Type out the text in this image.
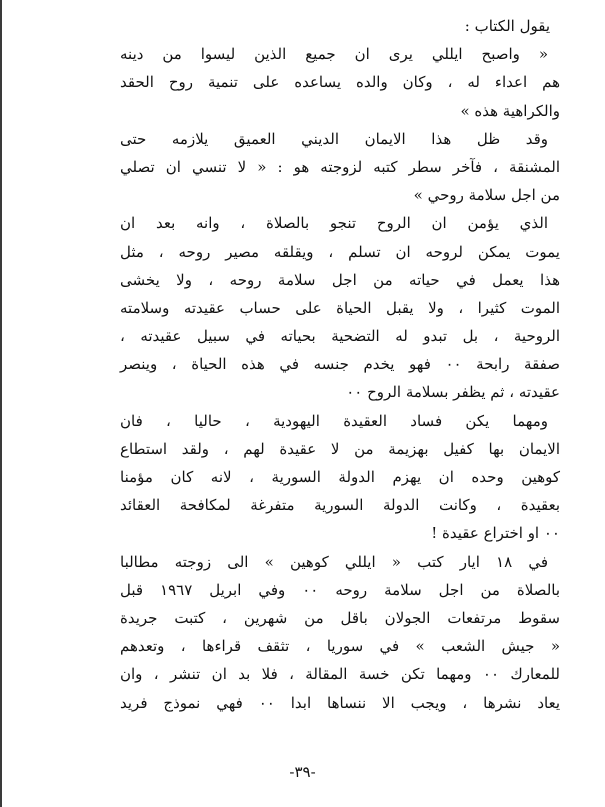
يقول الكتاب :
« واصبح ايللي يرى ان جميع الذين ليسوا من دينه
هم اعداء له ، وكان والده يساعده على تنمية روح الحقد
والكراهية هذه »
وقد ظل هذا الايمان الديني العميق يلازمه حتى
المشنقة ، فآخر سطر كتبه لزوجته هو : « لا تنسي ان تصلي
من اجل سلامة روحي »
الذي يؤمن ان الروح تنجو بالصلاة ، وانه بعد ان
يموت يمكن لروحه ان تسلم ، ويقلقه مصير روحه ، مثل
هذا يعمل في حياته من اجل سلامة روحه ، ولا يخشى
الموت كثيرا ، ولا يقبل الحياة على حساب عقيدته وسلامته
الروحية ، بل تبدو له التضحية بحياته في سبيل عقيدته ،
صفقة رابحة ٠٠ فهو يخدم جنسه في هذه الحياة ، وينصر
عقيدته ، ثم يظفر بسلامة الروح ٠٠
ومهما يكن فساد العقيدة اليهودية ، حاليا ، فان
الايمان بها كفيل بهزيمة من لا عقيدة لهم ، ولقد استطاع
كوهين وحده ان يهزم الدولة السورية ، لانه كان مؤمنا
بعقيدة ، وكانت الدولة السورية متفرغة لمكافحة العقائد
٠٠ او اختراع عقيدة !
في ١٨ ايار كتب « ايللي كوهين » الى زوجته مطالبا
بالصلاة من اجل سلامة روحه ٠٠ وفي ابريل ١٩٦٧ قبل
سقوط مرتفعات الجولان باقل من شهرين ، كتبت جريدة
« جيش الشعب » في سوريا ، تثقف قراءها ، وتعدهم
للمعارك ٠٠ ومهما تكن خسة المقالة ، فلا بد ان تنشر ، وان
يعاد نشرها ، ويجب الا ننساها ابدا ٠٠ فهي نموذج فريد
-٣٩-
